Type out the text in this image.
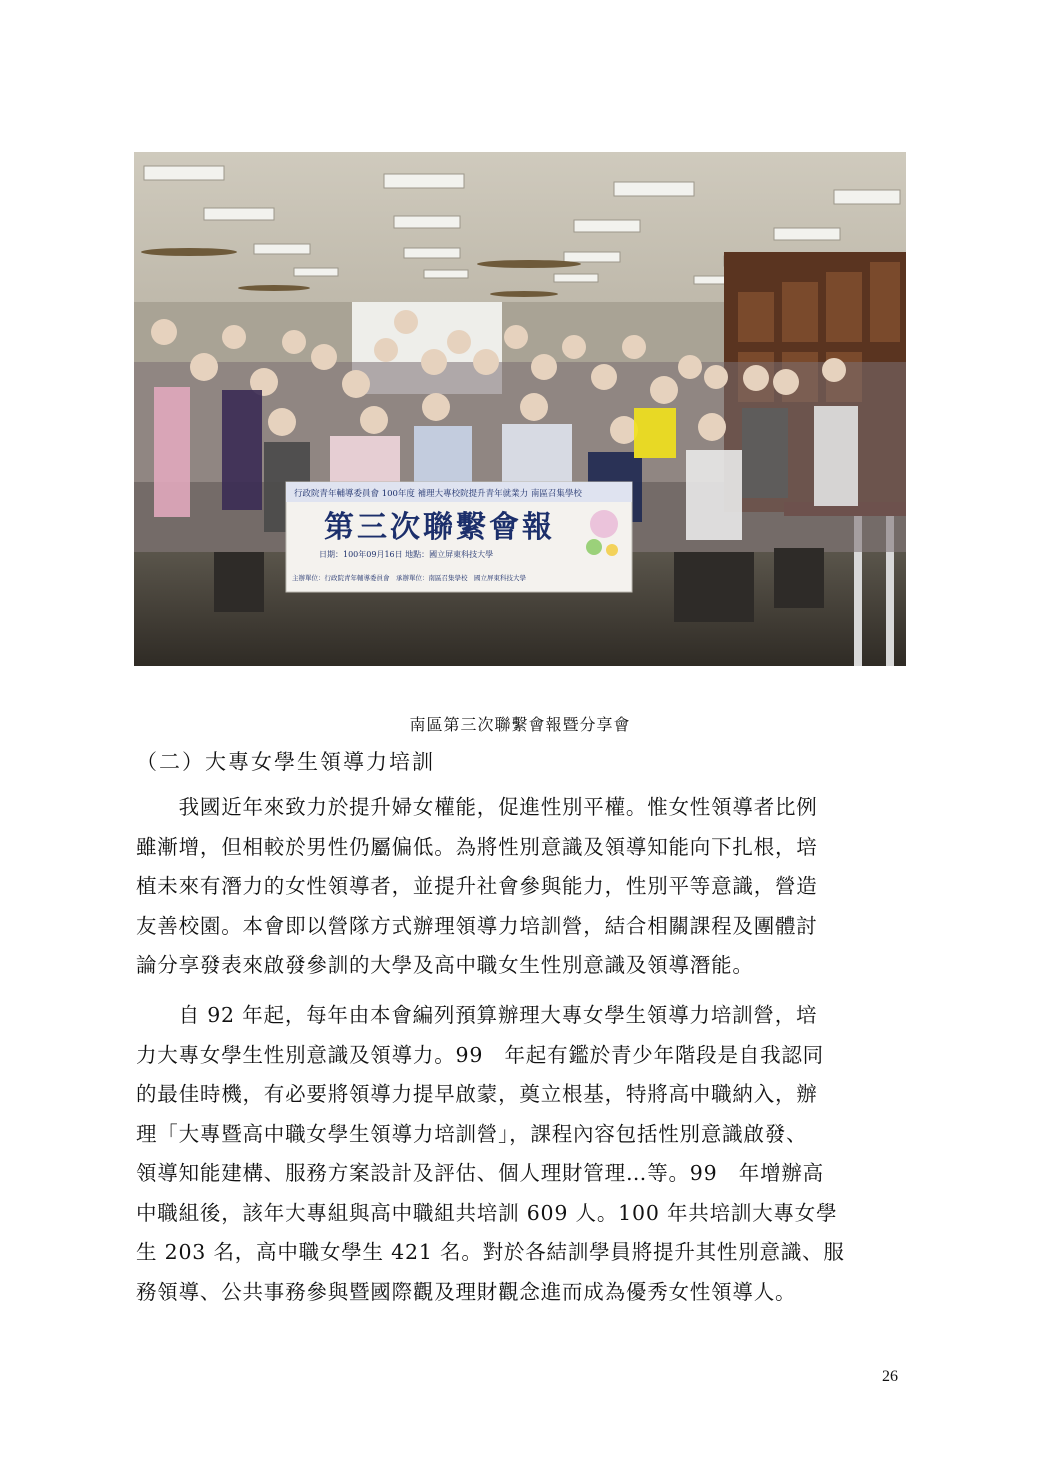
行政院青年輔導委員會 100年度 補理大專校院提升青年就業力 南區召集學校
第三次聯繫會報
日期：100年09月16日 地點：國立屏東科技大學
主辦單位：行政院青年輔導委員會　承辦單位：南區召集學校　國立屏東科技大學
南區第三次聯繫會報暨分享會
（二）大專女學生領導力培訓
　　我國近年來致力於提升婦女權能，促進性別平權。惟女性領導者比例
雖漸增，但相較於男性仍屬偏低。為將性別意識及領導知能向下扎根，培
植未來有潛力的女性領導者，並提升社會參與能力，性別平等意識，營造
友善校園。本會即以營隊方式辦理領導力培訓營，結合相關課程及團體討
論分享發表來啟發參訓的大學及高中職女生性別意識及領導潛能。
　　自 92 年起，每年由本會編列預算辦理大專女學生領導力培訓營，培
力大專女學生性別意識及領導力。99　年起有鑑於青少年階段是自我認同
的最佳時機，有必要將領導力提早啟蒙，奠立根基，特將高中職納入，辦
理「大專暨高中職女學生領導力培訓營」，課程內容包括性別意識啟發、
領導知能建構、服務方案設計及評估、個人理財管理…等。99　年增辦高
中職組後，該年大專組與高中職組共培訓 609 人。100 年共培訓大專女學
生 203 名，高中職女學生 421 名。對於各結訓學員將提升其性別意識、服
務領導、公共事務參與暨國際觀及理財觀念進而成為優秀女性領導人。
26
